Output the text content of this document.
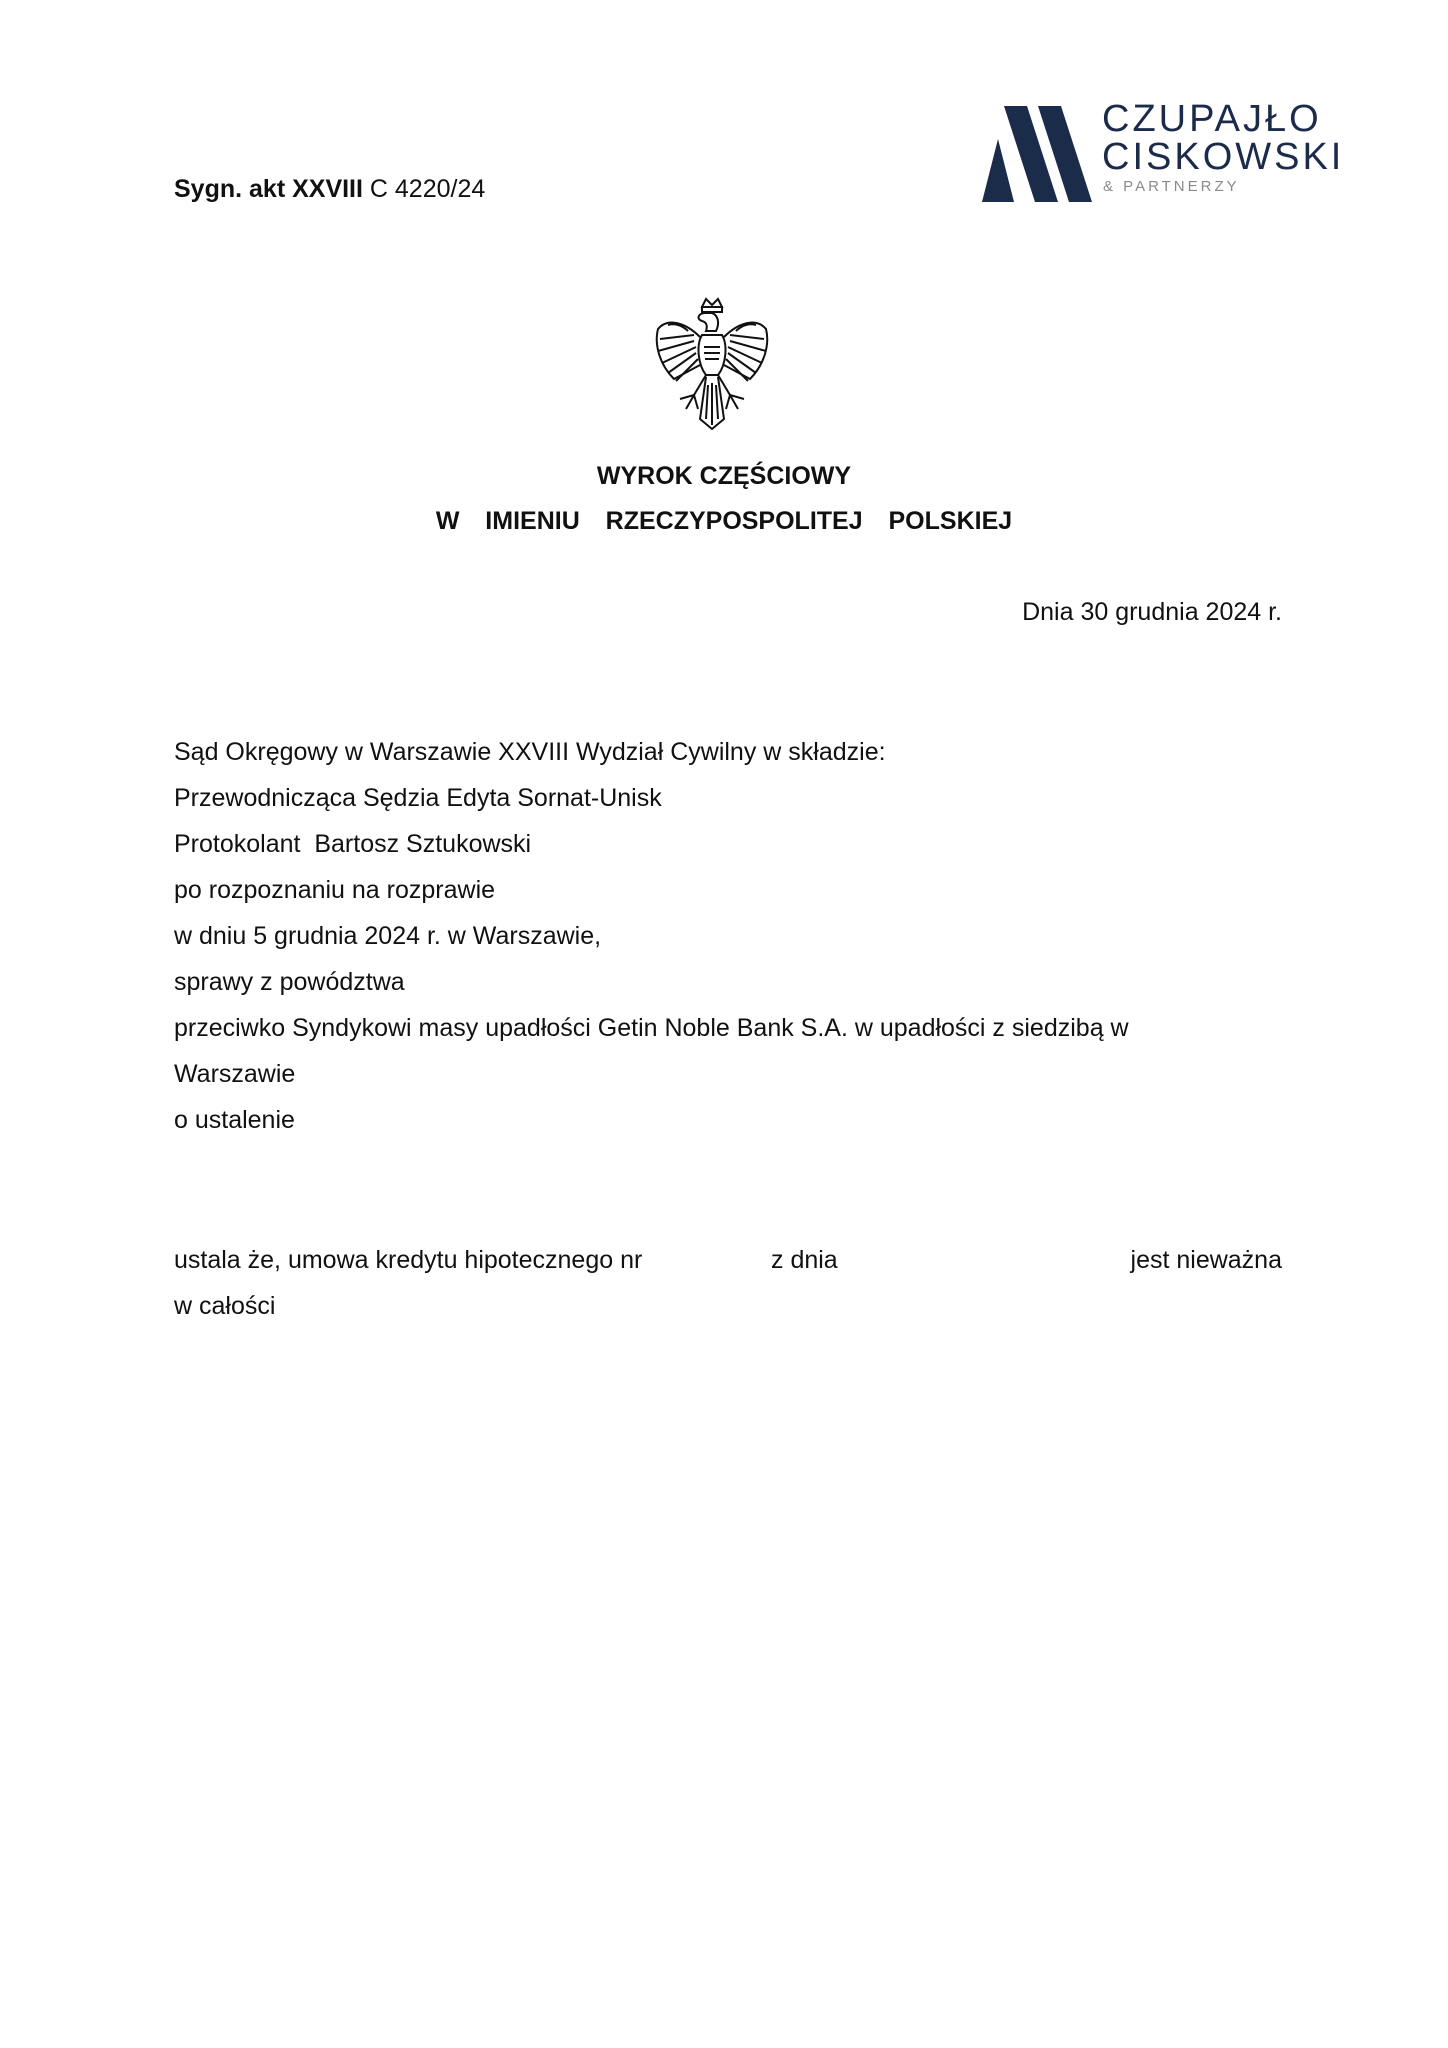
Sygn. akt XXVIII C 4220/24
CZUPAJŁO
CISKOWSKI
& PARTNERZY
WYROK CZĘŚCIOWY
W  IMIENIU  RZECZYPOSPOLITEJ  POLSKIEJ
Dnia 30 grudnia 2024 r.
Sąd Okręgowy w Warszawie XXVIII Wydział Cywilny w składzie:
Przewodnicząca Sędzia Edyta Sornat-Unisk
Protokolant  Bartosz Sztukowski
po rozpoznaniu na rozprawie
w dniu 5 grudnia 2024 r. w Warszawie,
sprawy z powództwa
przeciwko Syndykowi masy upadłości Getin Noble Bank S.A. w upadłości z siedzibą w
Warszawie
o ustalenie

ustala że, umowa kredytu hipotecznego nr

	z dnia

	jest nieważna

w całości
